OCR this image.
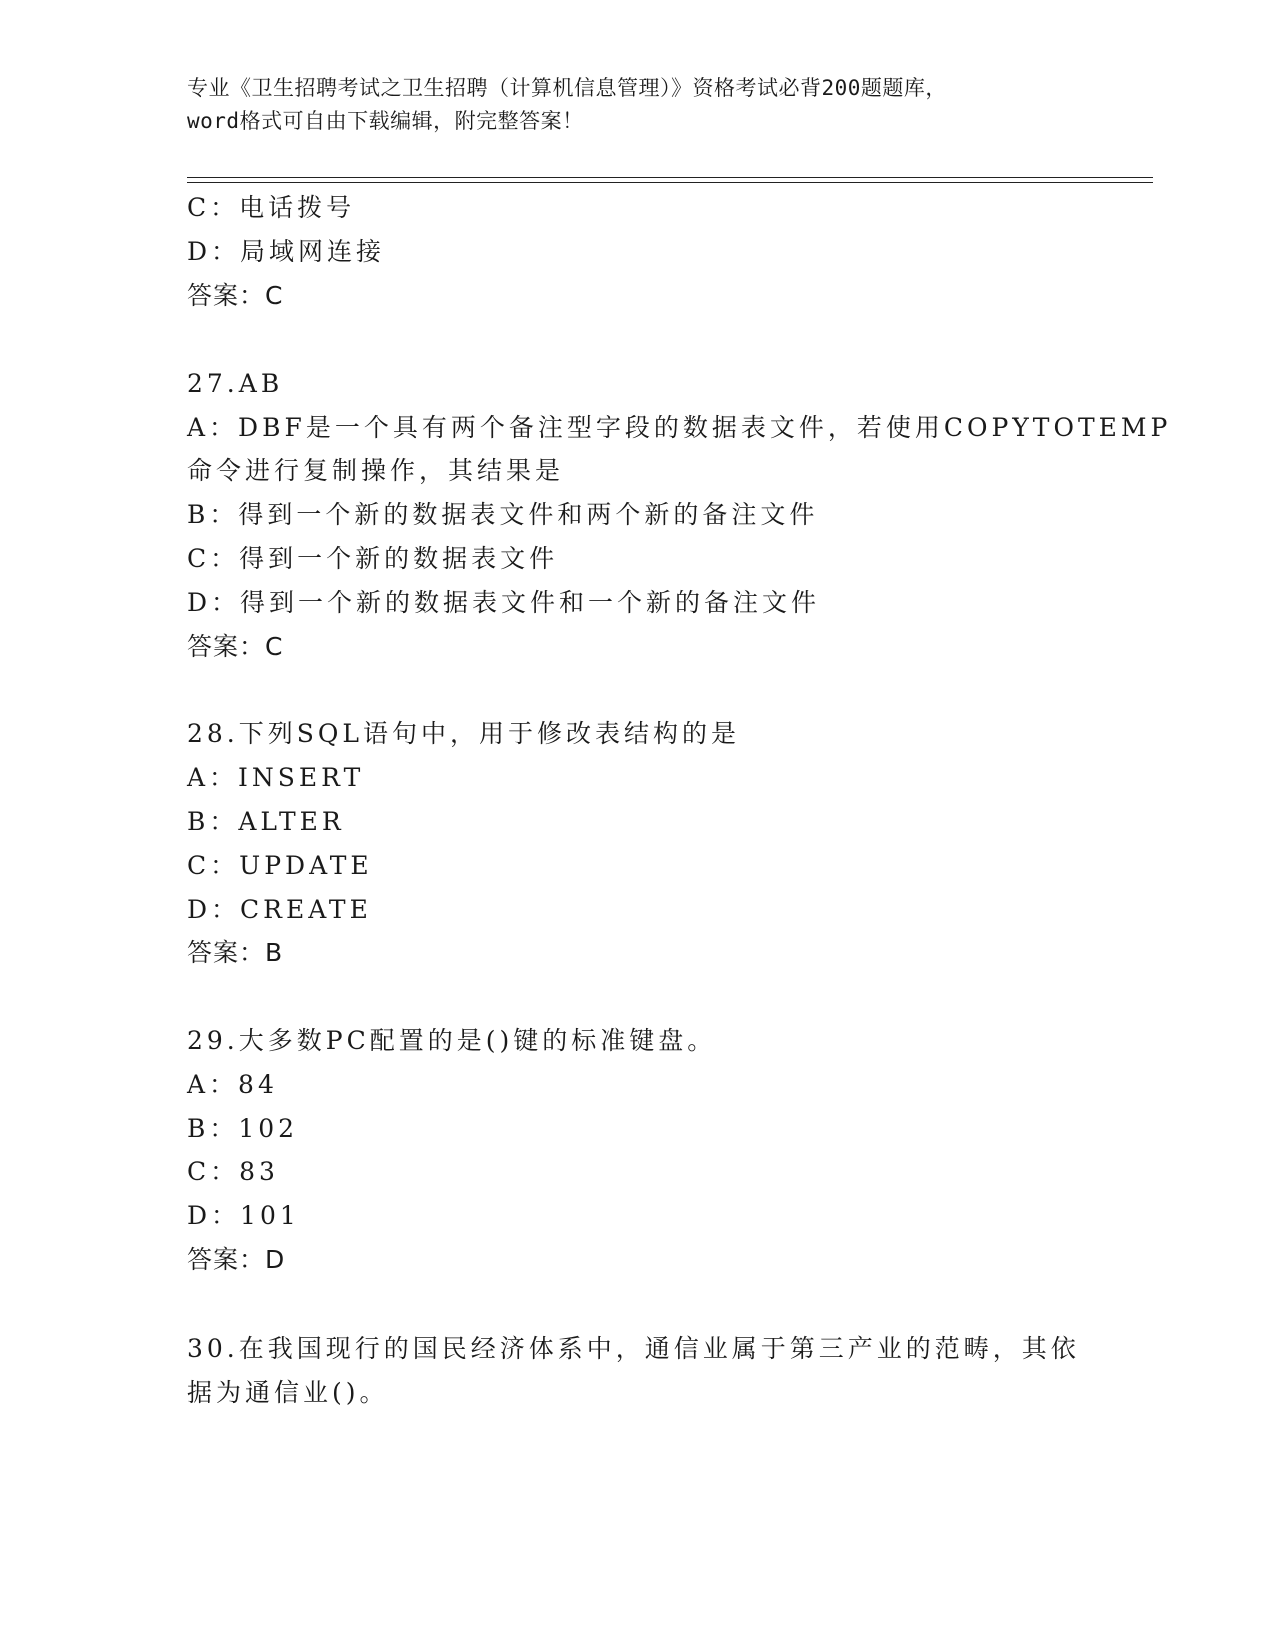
专业《卫生招聘考试之卫生招聘（计算机信息管理）》资格考试必背200题题库，
word格式可自由下载编辑，附完整答案！
C：电话拨号
D：局域网连接
答案：C
27.AB
A：DBF是一个具有两个备注型字段的数据表文件，若使用COPYTOTEMP
命令进行复制操作，其结果是
B：得到一个新的数据表文件和两个新的备注文件
C：得到一个新的数据表文件
D：得到一个新的数据表文件和一个新的备注文件
答案：C
28.下列SQL语句中，用于修改表结构的是
A：INSERT
B：ALTER
C：UPDATE
D：CREATE
答案：B
29.大多数PC配置的是()键的标准键盘。
A：84
B：102
C：83
D：101
答案：D
30.在我国现行的国民经济体系中，通信业属于第三产业的范畴，其依
据为通信业()。
